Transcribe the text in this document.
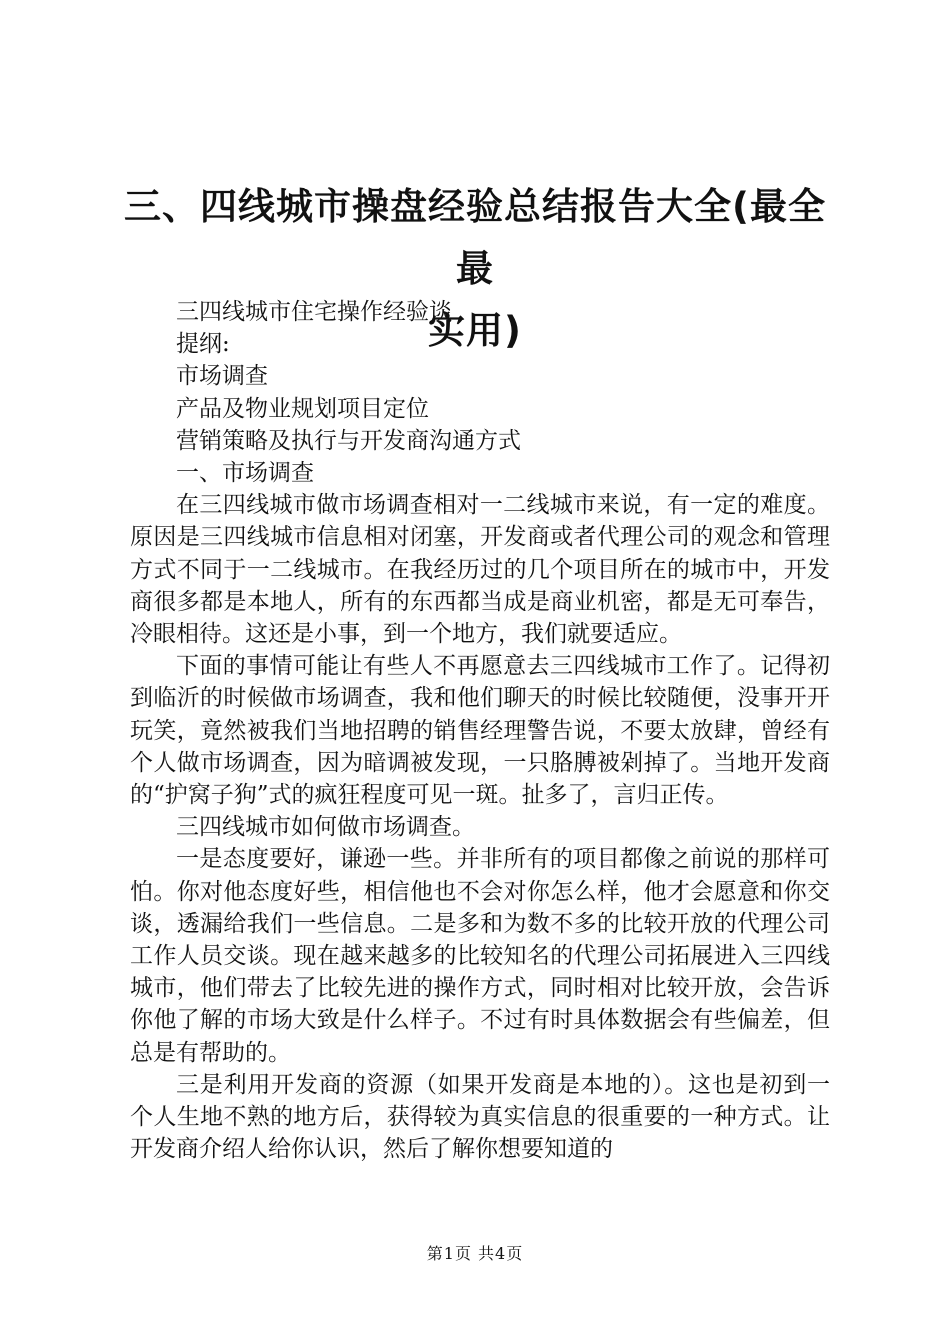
三、四线城市操盘经验总结报告大全(最全最
实用)

三四线城市住宅操作经验谈

提纲:

市场调查

产品及物业规划项目定位

营销策略及执行与开发商沟通方式

一、市场调查

在三四线城市做市场调查相对一二线城市来说，有一定的难度。原因是三四线城市信息相对闭塞，开发商或者代理公司的观念和管理方式不同于一二线城市。在我经历过的几个项目所在的城市中，开发商很多都是本地人，所有的东西都当成是商业机密，都是无可奉告，冷眼相待。这还是小事，到一个地方，我们就要适应。

下面的事情可能让有些人不再愿意去三四线城市工作了。记得初到临沂的时候做市场调查，我和他们聊天的时候比较随便，没事开开玩笑，竟然被我们当地招聘的销售经理警告说，不要太放肆，曾经有个人做市场调查，因为暗调被发现，一只胳膊被剁掉了。当地开发商的“护窝子狗”式的疯狂程度可见一斑。扯多了，言归正传。

三四线城市如何做市场调查。

一是态度要好，谦逊一些。并非所有的项目都像之前说的那样可怕。你对他态度好些，相信他也不会对你怎么样，他才会愿意和你交谈，透漏给我们一些信息。二是多和为数不多的比较开放的代理公司工作人员交谈。现在越来越多的比较知名的代理公司拓展进入三四线城市，他们带去了比较先进的操作方式，同时相对比较开放，会告诉你他了解的市场大致是什么样子。不过有时具体数据会有些偏差，但总是有帮助的。

三是利用开发商的资源（如果开发商是本地的）。这也是初到一个人生地不熟的地方后，获得较为真实信息的很重要的一种方式。让开发商介绍人给你认识，然后了解你想要知道的

第1页 共4页
